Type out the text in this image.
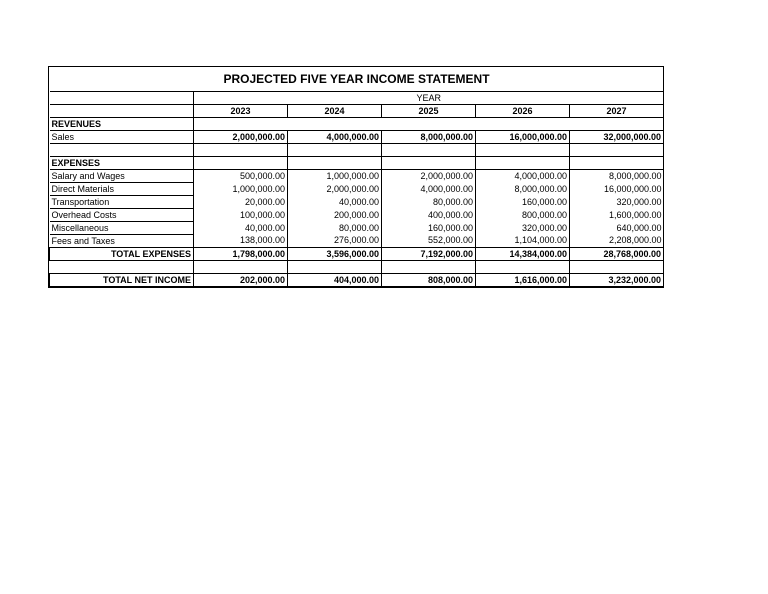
PROJECTED FIVE YEAR INCOME STATEMENT					
	YEAR				
	2023	2024	2025	2026	2027
REVENUES					
Sales	2,000,000.00	4,000,000.00	8,000,000.00	16,000,000.00	32,000,000.00

EXPENSES					
Salary and Wages	500,000.00	1,000,000.00	2,000,000.00	4,000,000.00	8,000,000.00
Direct Materials	1,000,000.00	2,000,000.00	4,000,000.00	8,000,000.00	16,000,000.00
Transportation	20,000.00	40,000.00	80,000.00	160,000.00	320,000.00
Overhead Costs	100,000.00	200,000.00	400,000.00	800,000.00	1,600,000.00
Miscellaneous	40,000.00	80,000.00	160,000.00	320,000.00	640,000.00
Fees and Taxes	138,000.00	276,000.00	552,000.00	1,104,000.00	2,208,000.00
TOTAL EXPENSES	1,798,000.00	3,596,000.00	7,192,000.00	14,384,000.00	28,768,000.00

TOTAL NET INCOME	202,000.00	404,000.00	808,000.00	1,616,000.00	3,232,000.00
